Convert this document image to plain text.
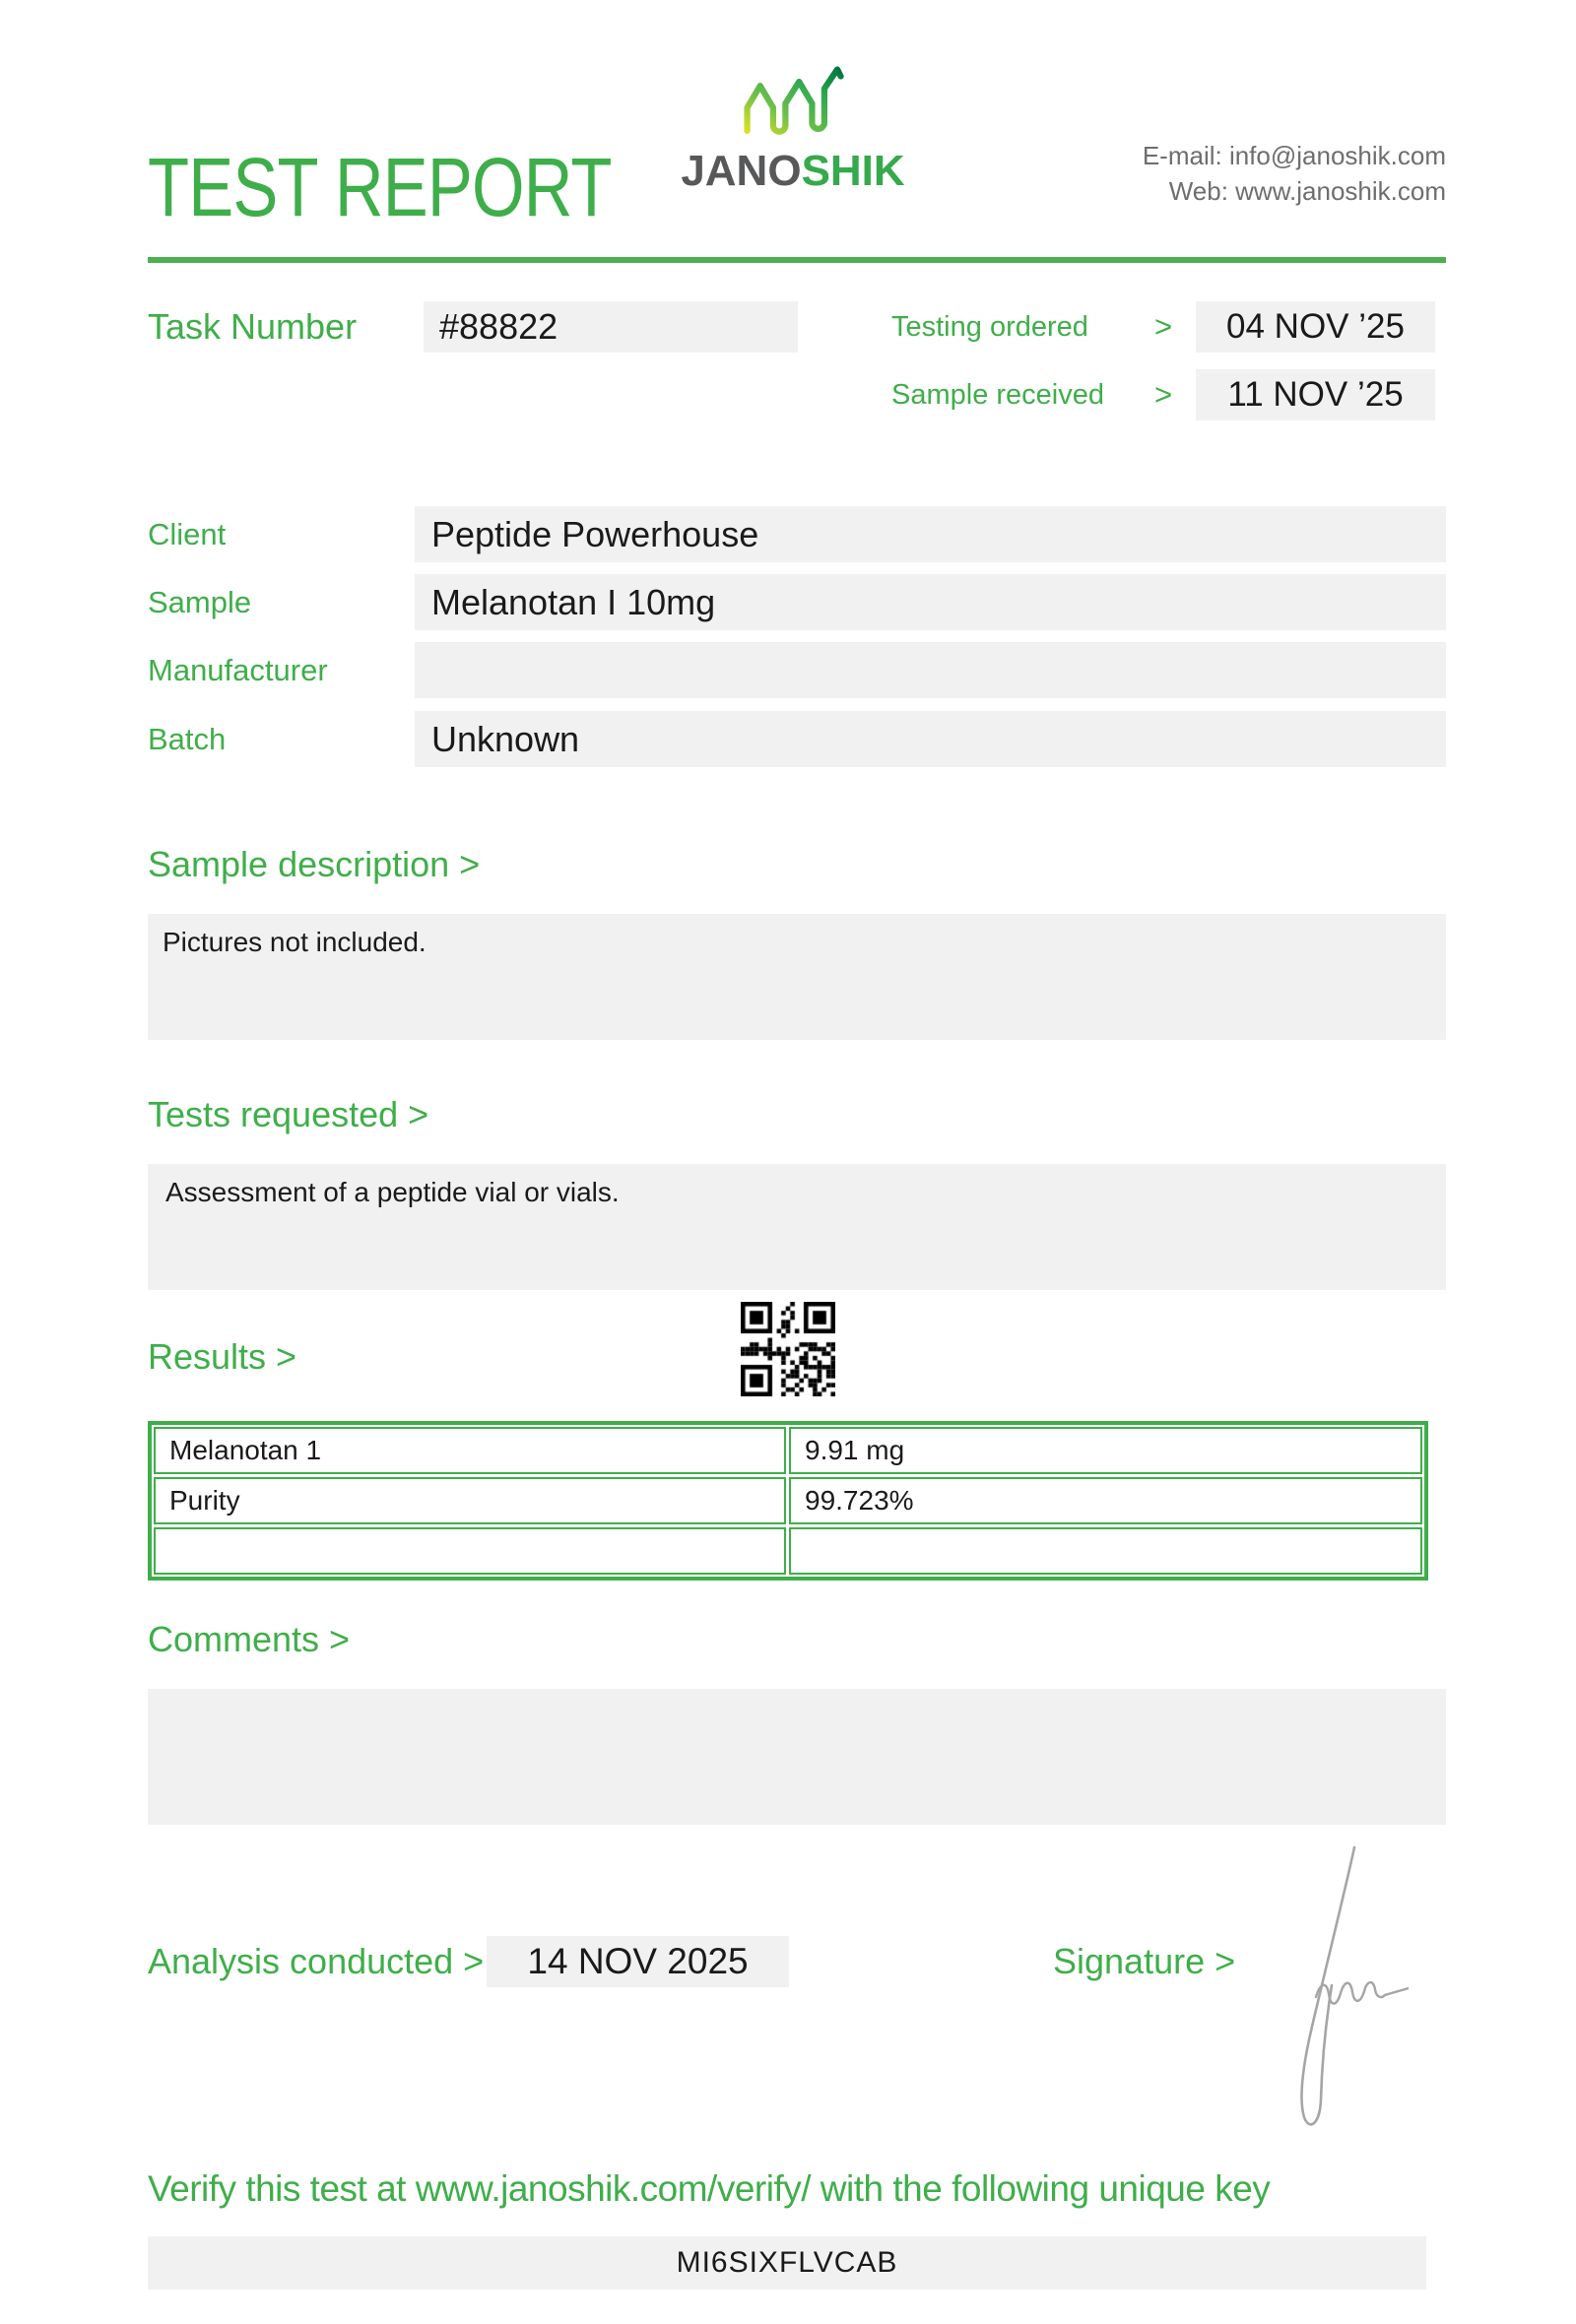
TEST REPORT JANOSHIK	E-mail: info@janoshik.com
Web: www.janoshik.com
Task Number	#88822	Testing ordered >	04 NOV ’25
Sample received >	11 NOV ’25
Client	Peptide Powerhouse
Sample	Melanotan I 10mg
Manufacturer
Batch	Unknown
Sample description >
Pictures not included.
Tests requested >
Assessment of a peptide vial or vials.
Results >
Melanotan 1	9.91 mg
Purity	99.723%
Comments >
Analysis conducted >	14 NOV 2025	Signature >
Verify this test at www.janoshik.com/verify/ with the following unique key
MI6SIXFLVCAB
